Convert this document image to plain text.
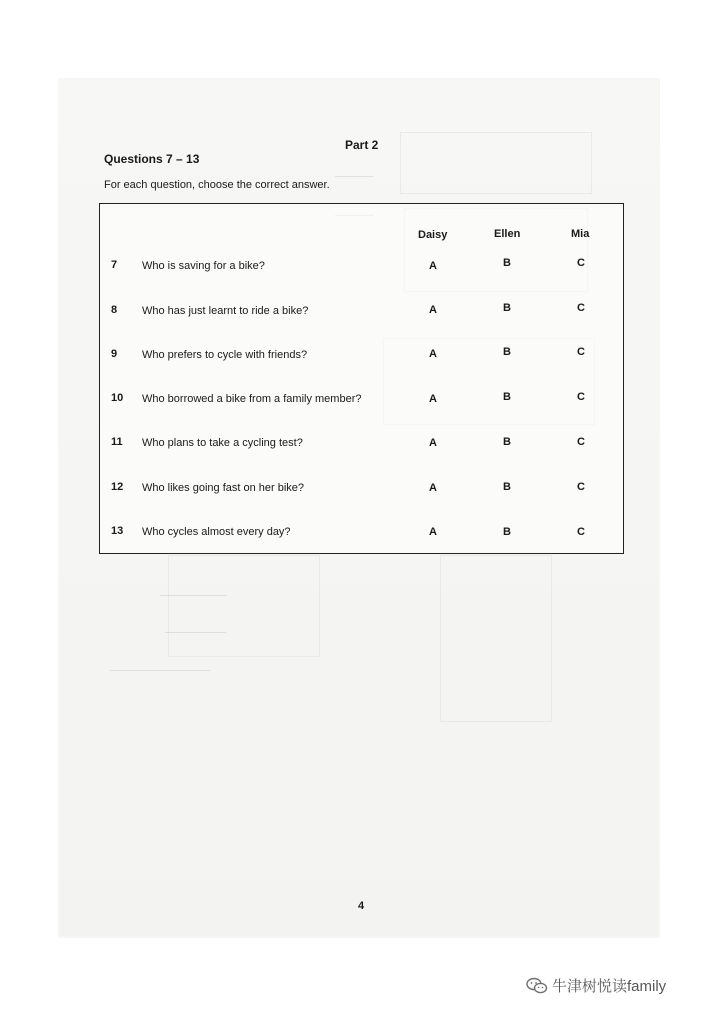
–––––––
––––––––––––
–––––––––––
––––––––––––––––––
Part 2
Questions 7 – 13
For each question, choose the correct answer.
Daisy	Ellen	Mia
7 Who is saving for a bike?	A	B	C
8 Who has just learnt to ride a bike?	A	B	C
9 Who prefers to cycle with friends?	A	B	C
10 Who borrowed a bike from a family member?	A	B	C
11 Who plans to take a cycling test?	A	B	C
12 Who likes going fast on her bike?	A	B	C
13 Who cycles almost every day?	A	B	C
4
牛津树悦读family
